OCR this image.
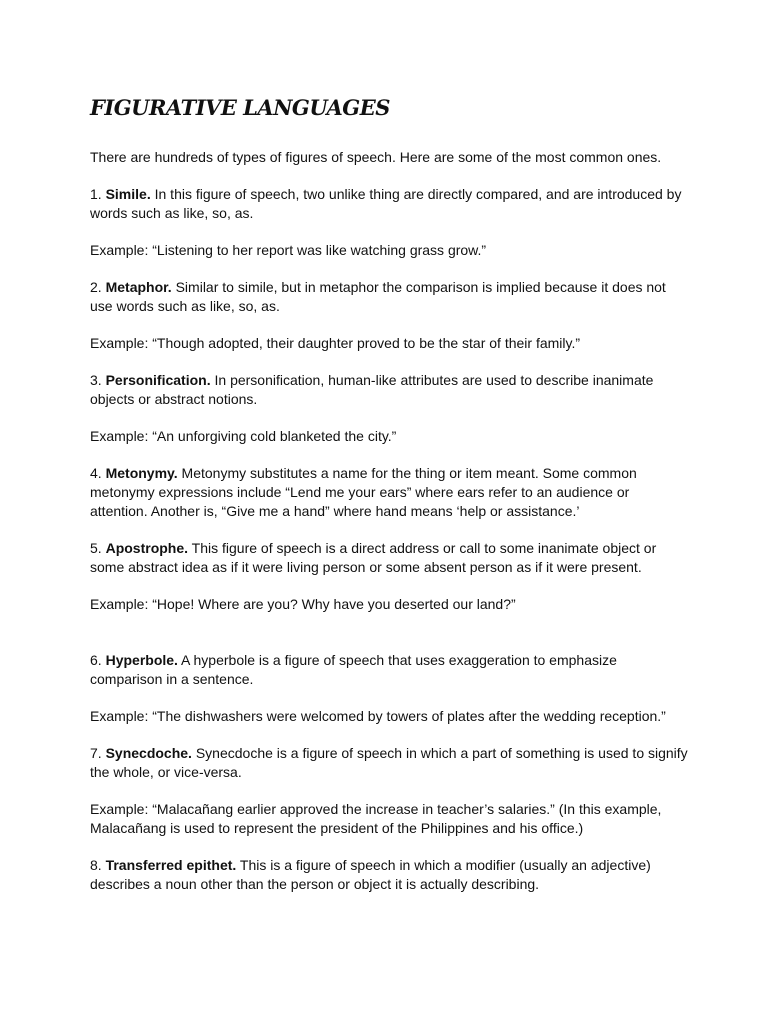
FIGURATIVE LANGUAGES

There are hundreds of types of figures of speech. Here are some of the most common ones.

1. Simile. In this figure of speech, two unlike thing are directly compared, and are introduced by words such as like, so, as.

Example: “Listening to her report was like watching grass grow.”

2. Metaphor. Similar to simile, but in metaphor the comparison is implied because it does not use words such as like, so, as.

Example: “Though adopted, their daughter proved to be the star of their family.”

3. Personification. In personification, human-like attributes are used to describe inanimate objects or abstract notions.

Example: “An unforgiving cold blanketed the city.”

4. Metonymy. Metonymy substitutes a name for the thing or item meant. Some common metonymy expressions include “Lend me your ears” where ears refer to an audience or attention. Another is, “Give me a hand” where hand means ‘help or assistance.’

5. Apostrophe. This figure of speech is a direct address or call to some inanimate object or some abstract idea as if it were living person or some absent person as if it were present.

Example: “Hope! Where are you? Why have you deserted our land?”

6. Hyperbole. A hyperbole is a figure of speech that uses exaggeration to emphasize comparison in a sentence.

Example: “The dishwashers were welcomed by towers of plates after the wedding reception.”

7. Synecdoche. Synecdoche is a figure of speech in which a part of something is used to signify the whole, or vice-versa.

Example: “Malacañang earlier approved the increase in teacher’s salaries.” (In this example, Malacañang is used to represent the president of the Philippines and his office.)

8. Transferred epithet. This is a figure of speech in which a modifier (usually an adjective) describes a noun other than the person or object it is actually describing.
